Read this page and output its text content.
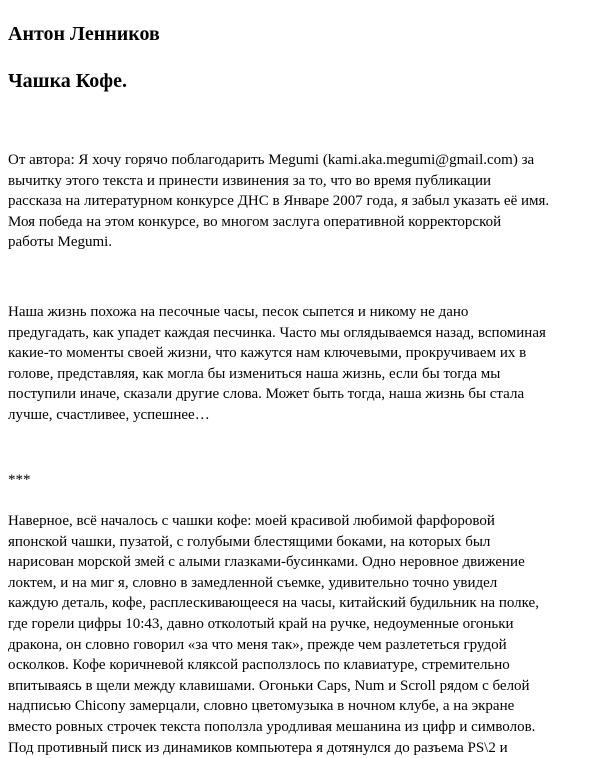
Антон Ленников
Чашка Кофе.
От автора: Я хочу горячо поблагодарить Megumi (kami.aka.megumi@gmail.com) за
вычитку этого текста и принести извинения за то, что во время публикации
рассказа на литературном конкурсе ДНС в Январе 2007 года, я забыл указать её имя.
Моя победа на этом конкурсе, во многом заслуга оперативной корректорской
работы Megumi.
Наша жизнь похожа на песочные часы, песок сыпется и никому не дано
предугадать, как упадет каждая песчинка. Часто мы оглядываемся назад, вспоминая
какие-то моменты своей жизни, что кажутся нам ключевыми, прокручиваем их в
голове, представляя, как могла бы измениться наша жизнь, если бы тогда мы
поступили иначе, сказали другие слова. Может быть тогда, наша жизнь бы стала
лучше, счастливее, успешнее…
***
Наверное, всё началось с чашки кофе: моей красивой любимой фарфоровой
японской чашки, пузатой, с голубыми блестящими боками, на которых был
нарисован морской змей с алыми глазками-бусинками. Одно неровное движение
локтем, и на миг я, словно в замедленной съемке, удивительно точно увидел
каждую деталь, кофе, расплескивающееся на часы, китайский будильник на полке,
где горели цифры 10:43, давно отколотый край на ручке, недоуменные огоньки
дракона, он словно говорил «за что меня так», прежде чем разлететься грудой
осколков. Кофе коричневой кляксой расползлось по клавиатуре, стремительно
впитываясь в щели между клавишами. Огоньки Caps, Num и Scroll рядом с белой
надписью Chicony замерцали, словно цветомузыка в ночном клубе, а на экране
вместо ровных строчек текста поползла уродливая мешанина из цифр и символов.
Под противный писк из динамиков компьютера я дотянулся до разъема PS\2 и
